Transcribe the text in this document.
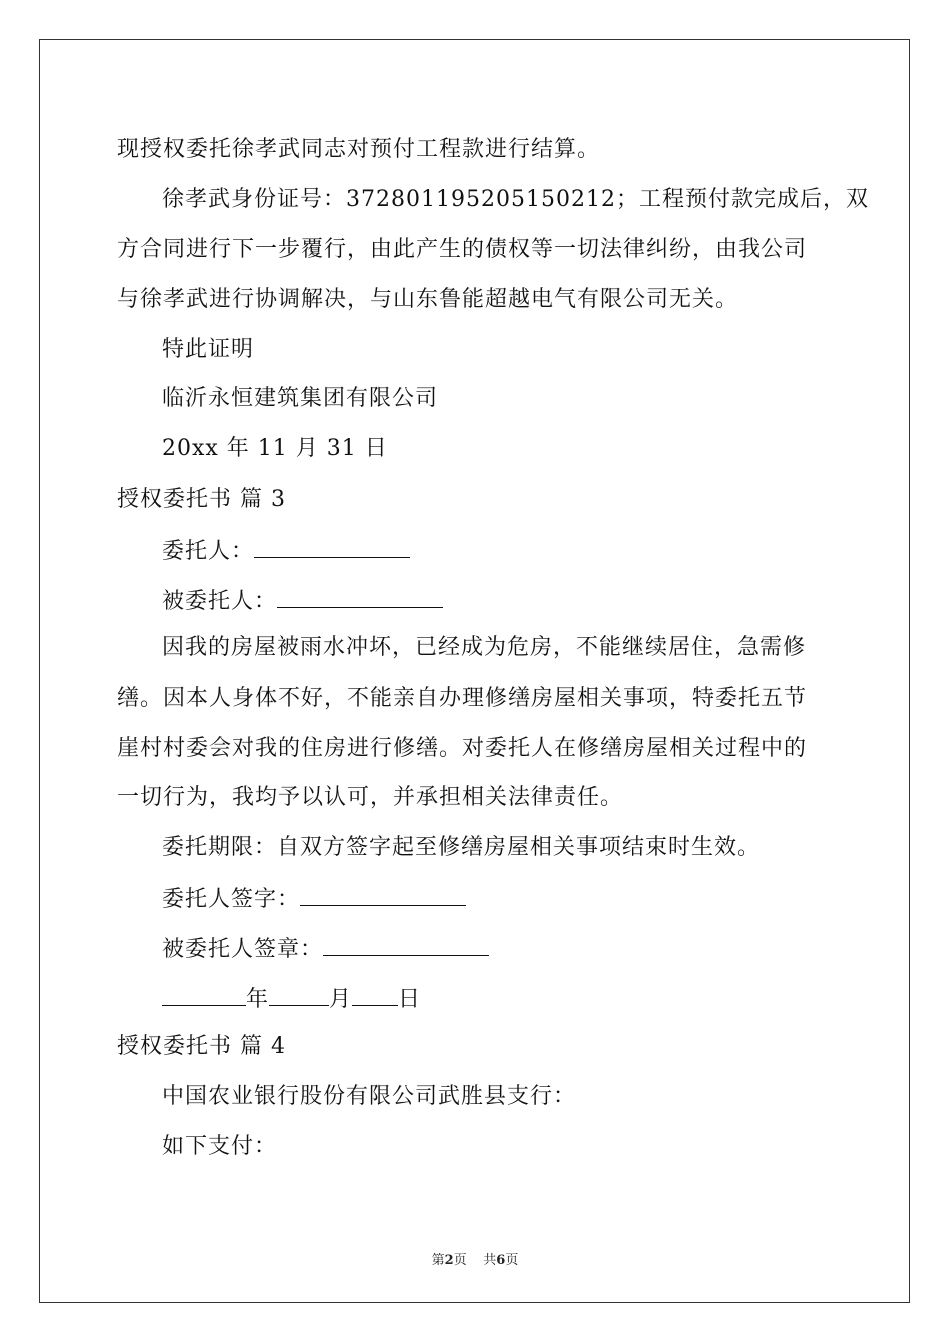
现授权委托徐孝武同志对预付工程款进行结算。
徐孝武身份证号：372801195205150212；工程预付款完成后，双
方合同进行下一步覆行，由此产生的债权等一切法律纠纷，由我公司
与徐孝武进行协调解决，与山东鲁能超越电气有限公司无关。
特此证明
临沂永恒建筑集团有限公司
20xx 年 11 月 31 日
授权委托书 篇 3
委托人：
被委托人：
因我的房屋被雨水冲坏，已经成为危房，不能继续居住，急需修
缮。因本人身体不好，不能亲自办理修缮房屋相关事项，特委托五节
崖村村委会对我的住房进行修缮。对委托人在修缮房屋相关过程中的
一切行为，我均予以认可，并承担相关法律责任。
委托期限：自双方签字起至修缮房屋相关事项结束时生效。
委托人签字：
被委托人签章：
年	月 日
授权委托书 篇 4
中国农业银行股份有限公司武胜县支行：
如下支付：
第2页 共6页
